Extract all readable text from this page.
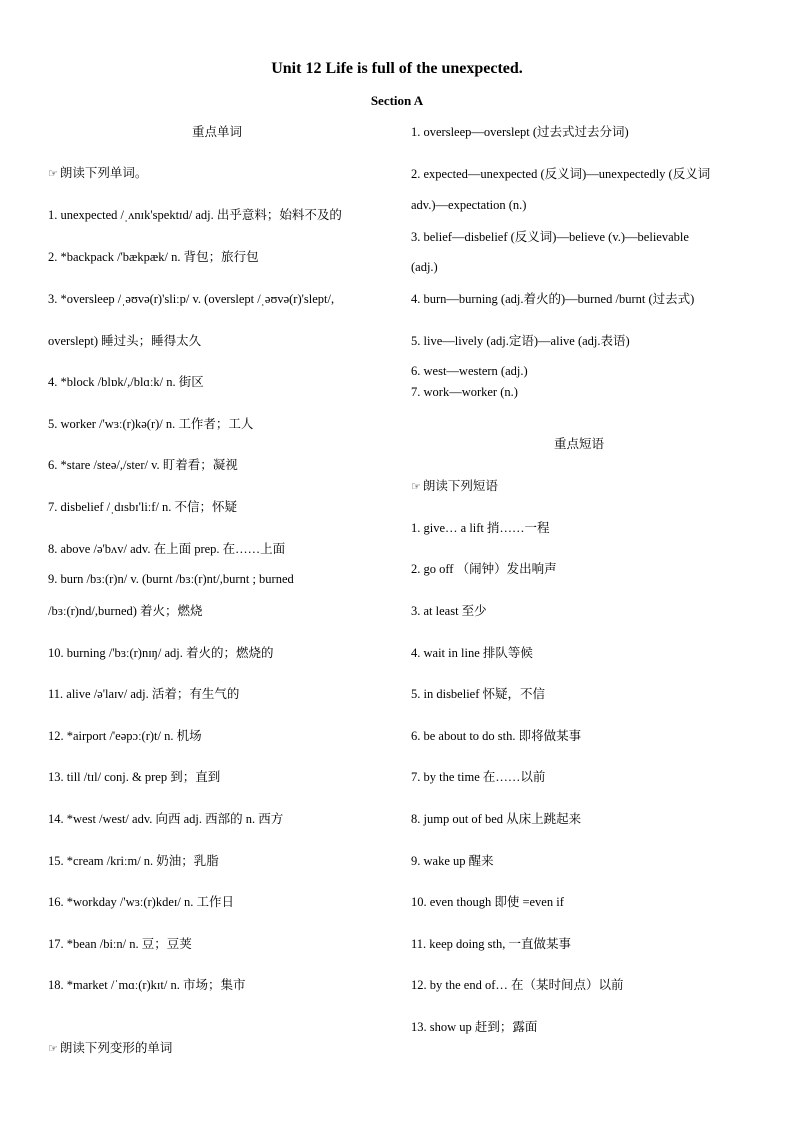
Unit 12 Life is full of the unexpected.
Section A
重点单词
☞ 朗读下列单词。
1. unexpected /ˌʌnɪk'spektɪd/ adj. 出乎意料；始料不及的
2. *backpack /'bækpæk/ n. 背包；旅行包
3. *oversleep /ˌəʊvə(r)'sliːp/ v. (overslept /ˌəʊvə(r)'slept/,
overslept) 睡过头；睡得太久
4. *block /blɒk/,/blɑːk/ n. 街区
5. worker /'wɜː(r)kə(r)/ n. 工作者；工人
6. *stare /steə/,/ster/ v. 盯着看；凝视
7. disbelief /ˌdɪsbɪ'liːf/ n. 不信；怀疑
8. above /ə'bʌv/ adv. 在上面 prep. 在……上面
9. burn /bɜː(r)n/ v. (burnt /bɜː(r)nt/,burnt ; burned
/bɜː(r)nd/,burned) 着火；燃烧
10. burning /'bɜː(r)nɪŋ/ adj. 着火的；燃烧的
11. alive /ə'laɪv/ adj. 活着；有生气的
12. *airport /'eəpɔː(r)t/ n. 机场
13. till /tɪl/ conj. & prep 到；直到
14. *west /west/ adv. 向西 adj. 西部的 n. 西方
15. *cream /kriːm/ n. 奶油；乳脂
16. *workday /'wɜː(r)kdeɪ/ n. 工作日
17. *bean /biːn/ n. 豆；豆荚
18. *market /ˈmɑː(r)kɪt/ n. 市场；集市
☞ 朗读下列变形的单词
1. oversleep—overslept (过去式过去分词)
2. expected—unexpected (反义词)—unexpectedly (反义词
adv.)—expectation (n.)
3. belief—disbelief (反义词)—believe (v.)—believable
(adj.)
4. burn—burning (adj.着火的)—burned /burnt (过去式)
5. live—lively (adj.定语)—alive (adj.表语)
6. west—western (adj.)
7. work—worker (n.)
重点短语
☞ 朗读下列短语
1. give… a lift 捎……一程
2. go off （闹钟）发出响声
3. at least 至少
4. wait in line 排队等候
5. in disbelief 怀疑，不信
6. be about to do sth. 即将做某事
7. by the time 在……以前
8. jump out of bed 从床上跳起来
9. wake up 醒来
10. even though 即使 =even if
11. keep doing sth, 一直做某事
12. by the end of… 在（某时间点）以前
13. show up 赶到；露面
